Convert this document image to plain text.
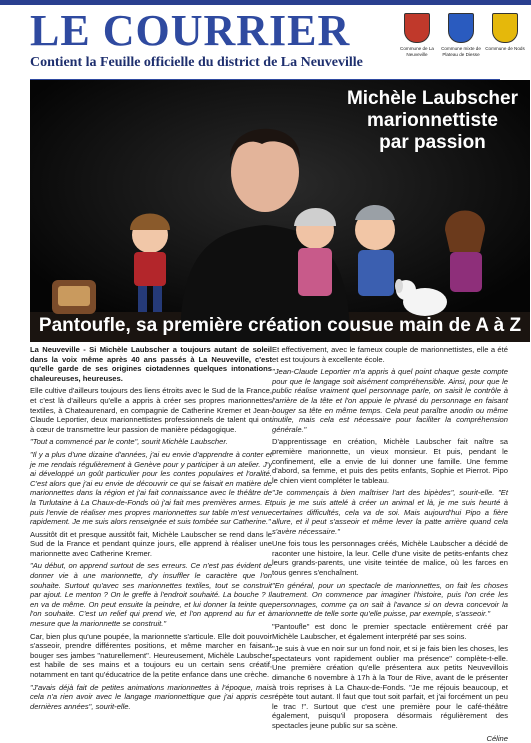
LE COURRIER
Contient la Feuille officielle du district de La Neuveville
Commune de La Neuveville
Commune mixte de Plateau de Diesse
Commune de Nods
Michèle Laubscher
marionnettiste
par passion
Pantoufle, sa première création cousue main de A à Z

La Neuveville - Si Michèle Laubscher a toujours autant de soleil dans la voix même après 40 ans passés à La Neuveville, c'est qu'elle garde de ses origines ciotadennes quelques intonations chaleureuses, heureuses.

Elle cultive d'ailleurs toujours des liens étroits avec le Sud de la France, et c'est là d'ailleurs qu'elle a appris à créer ses propres marionnettes textiles, à Chateaurenard, en compagnie de Catherine Kremer et Jean-Claude Leportier, deux marionnettistes professionnels de talent qui ont à cœur de transmettre leur passion de manière pédagogique.

"Tout a commencé par le conte", sourit Michèle Laubscher.

"Il y a plus d'une dizaine d'années, j'ai eu envie d'apprendre à conter et je me rendais régulièrement à Genève pour y participer à un atelier. J'y ai développé un goût particulier pour les contes populaires et l'oralité. C'est alors que j'ai eu envie de découvrir ce qui se faisait en matière de marionnettes dans la région et j'ai fait connaissance avec le théâtre de la Turlutaine à La Chaux-de-Fonds où j'ai fait mes premières armes. Et puis l'envie de réaliser mes propres marionnettes sur table m'est venue rapidement. Je me suis alors renseignée et suis tombée sur Catherine."

Aussitôt dit et presque aussitôt fait, Michèle Laubscher se rend dans le Sud de la France et pendant quinze jours, elle apprend à réaliser une marionnette avec Catherine Kremer.

"Au début, on apprend surtout de ses erreurs. Ce n'est pas évident de donner vie à une marionnette, d'y insuffler le caractère que l'on souhaite. Surtout qu'avec ses marionnettes textiles, tout se construit par ajout. Le menton ? On le greffe à l'endroit souhaité. La bouche ? Il en va de même. On peut ensuite la peindre, et lui donner la teinte que l'on souhaite. C'est un relief qui prend vie, et l'on apprend au fur et à mesure que la marionnette se construit."

Car, bien plus qu'une poupée, la marionnette s'articule. Elle doit pouvoir s'asseoir, prendre différentes positions, et même marcher en faisant bouger ses jambes "naturellement". Heureusement, Michèle Laubscher est habile de ses mains et a toujours eu un certain sens créatif, notamment en tant qu'éducatrice de la petite enfance dans une crèche.

"J'avais déjà fait de petites animations marionnettes à l'époque, mais cela n'a rien avoir avec le langage marionnettique que j'ai appris ces dernières années", sourit-elle.

Et effectivement, avec le fameux couple de marionnettistes, elle a été et est toujours à excellente école.

"Jean-Claude Leportier m'a appris à quel point chaque geste compte pour que le langage soit aisément compréhensible. Ainsi, pour que le public réalise vraiment quel personnage parle, on saisit le contrôle à l'arrière de la tête et l'on appuie le phrasé du personnage en faisant bouger sa tête en même temps. Cela peut paraître anodin ou même inutile, mais cela est nécessaire pour faciliter la compréhension générale."

D'apprentissage en création, Michèle Laubscher fait naître sa première marionnette, un vieux monsieur. Et puis, pendant le confinement, elle a envie de lui donner une famille. Une femme d'abord, sa femme, et puis des petits enfants, Sophie et Pierrot. Pipo le chien vient compléter le tableau.

"Je commençais à bien maîtriser l'art des bipèdes", sourit-elle. "Et puis je me suis attelé à créer un animal et là, je me suis heurté à certaines difficultés, cela va de soi. Mais aujourd'hui Pipo a fière allure, et il peut s'asseoir et même lever la patte arrière quand cela s'avère nécessaire."

Une fois tous les personnages créés, Michèle Laubscher a décidé de raconter une histoire, la leur. Celle d'une visite de petits-enfants chez leurs grands-parents, une visite teintée de malice, où les farces en tous genres s'enchaînent.

"En général, pour un spectacle de marionnettes, on fait les choses autrement. On commence par imaginer l'histoire, puis l'on crée les personnages, comme ça on sait à l'avance si on devra concevoir la marionnette de telle sorte qu'elle puisse, par exemple, s'asseoir."

"Pantoufle" est donc le premier spectacle entièrement créé par Michèle Laubscher, et également interprété par ses soins.

"Je suis à vue en noir sur un fond noir, et si je fais bien les choses, les spectateurs vont rapidement oublier ma présence" complète-t-elle. Une première création qu'elle présentera aux petits Neuvevillois dimanche 6 novembre à 17h à la Tour de Rive, avant de le présenter à trois reprises à La Chaux-de-Fonds. "Je me réjouis beaucoup, et répète tout autant. Il faut que tout soit parfait, et j'ai forcément un peu le trac !". Surtout que c'est une première pour le café-théâtre également, puisqu'il proposera désormais régulièrement des spectacles jeune public sur sa scène.

Céline
